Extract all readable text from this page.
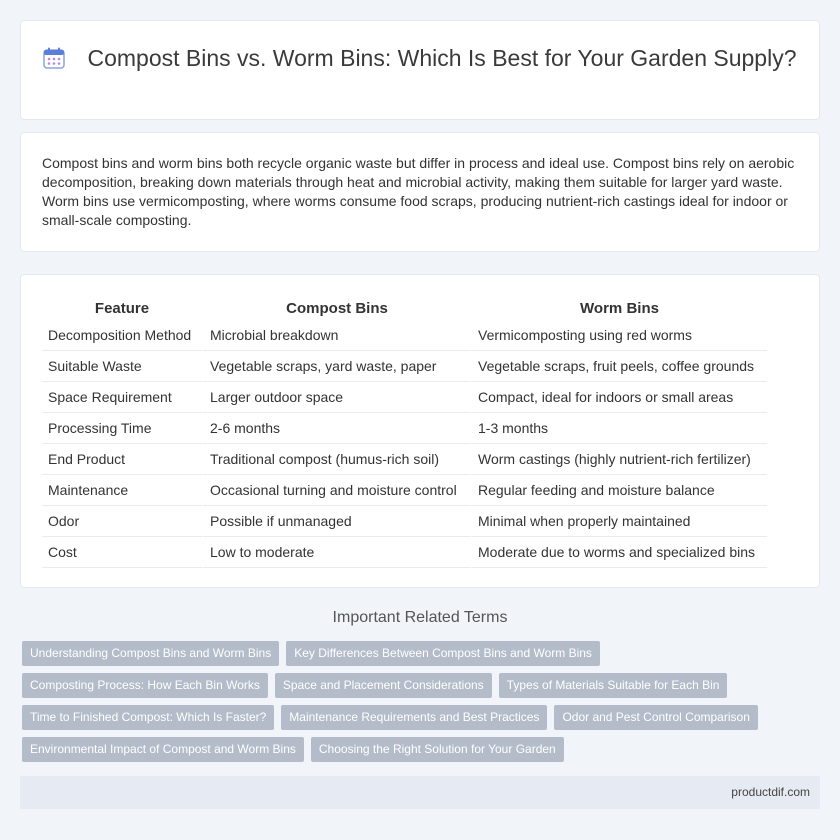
Compost Bins vs. Worm Bins: Which Is Best for Your Garden Supply?

Compost bins and worm bins both recycle organic waste but differ in process and ideal use. Compost bins rely on aerobic decomposition, breaking down materials through heat and microbial activity, making them suitable for larger yard waste. Worm bins use vermicomposting, where worms consume food scraps, producing nutrient-rich castings ideal for indoor or small-scale composting.

Feature	Compost Bins	Worm Bins
Decomposition Method	Microbial breakdown	Vermicomposting using red worms
Suitable Waste	Vegetable scraps, yard waste, paper	Vegetable scraps, fruit peels, coffee grounds
Space Requirement	Larger outdoor space	Compact, ideal for indoors or small areas
Processing Time	2-6 months	1-3 months
End Product	Traditional compost (humus-rich soil)	Worm castings (highly nutrient-rich fertilizer)
Maintenance	Occasional turning and moisture control	Regular feeding and moisture balance
Odor	Possible if unmanaged	Minimal when properly maintained
Cost	Low to moderate	Moderate due to worms and specialized bins
Important Related Terms
Understanding Compost Bins and Worm Bins Key Differences Between Compost Bins and Worm Bins
Composting Process: How Each Bin Works Space and Placement Considerations Types of Materials Suitable for Each Bin
Time to Finished Compost: Which Is Faster? Maintenance Requirements and Best Practices Odor and Pest Control Comparison
Environmental Impact of Compost and Worm Bins Choosing the Right Solution for Your Garden
productdif.com
